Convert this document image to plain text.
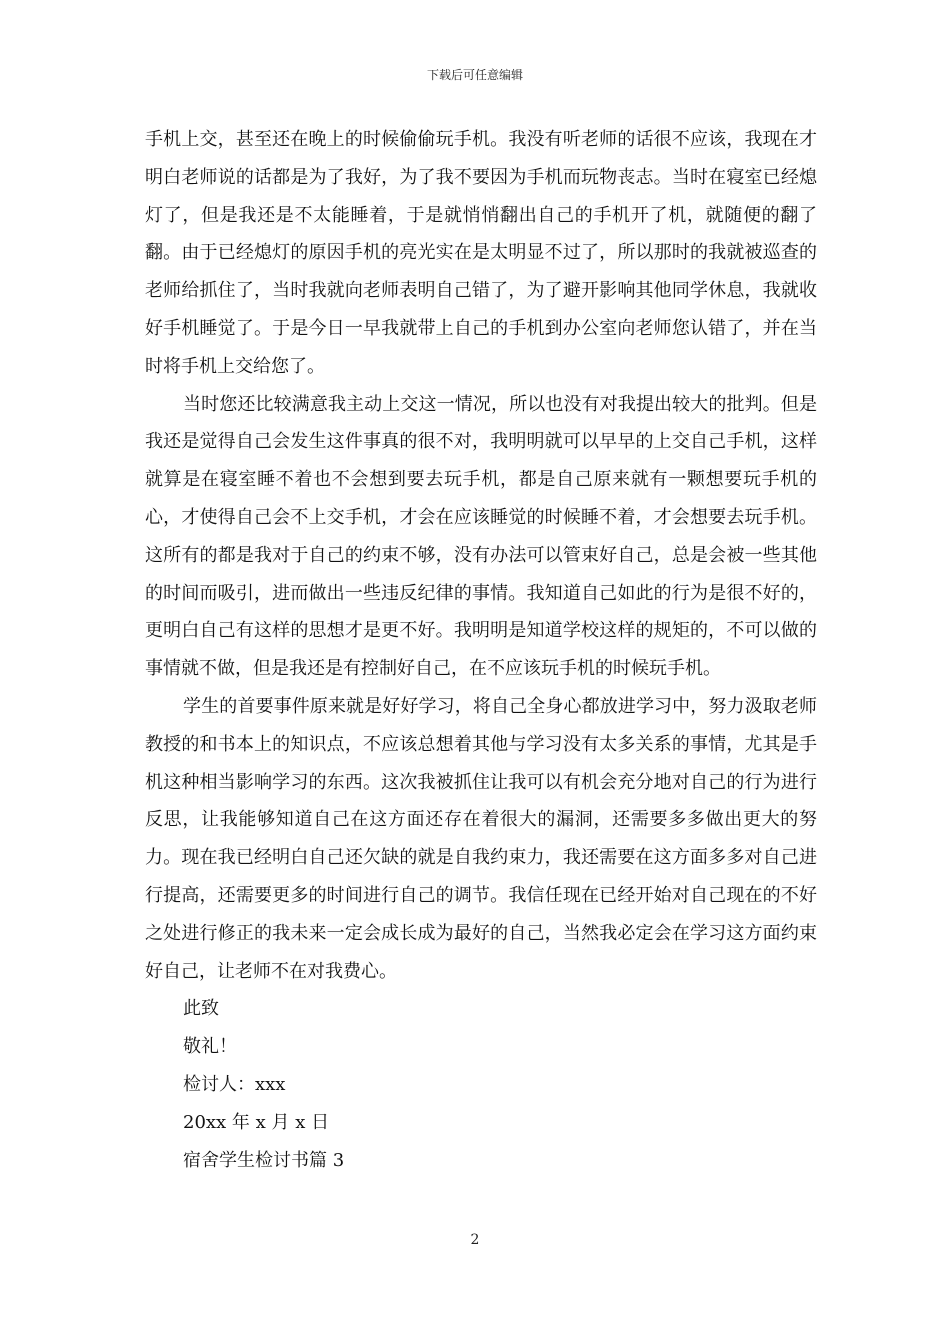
下载后可任意编辑

手机上交，甚至还在晚上的时候偷偷玩手机。我没有听老师的话很不应该，我现在才明白老师说的话都是为了我好，为了我不要因为手机而玩物丧志。当时在寝室已经熄灯了，但是我还是不太能睡着，于是就悄悄翻出自己的手机开了机，就随便的翻了翻。由于已经熄灯的原因手机的亮光实在是太明显不过了，所以那时的我就被巡查的老师给抓住了，当时我就向老师表明自己错了，为了避开影响其他同学休息，我就收好手机睡觉了。于是今日一早我就带上自己的手机到办公室向老师您认错了，并在当时将手机上交给您了。

当时您还比较满意我主动上交这一情况，所以也没有对我提出较大的批判。但是我还是觉得自己会发生这件事真的很不对，我明明就可以早早的上交自己手机，这样就算是在寝室睡不着也不会想到要去玩手机，都是自己原来就有一颗想要玩手机的心，才使得自己会不上交手机，才会在应该睡觉的时候睡不着，才会想要去玩手机。这所有的都是我对于自己的约束不够，没有办法可以管束好自己，总是会被一些其他的时间而吸引，进而做出一些违反纪律的事情。我知道自己如此的行为是很不好的，更明白自己有这样的思想才是更不好。我明明是知道学校这样的规矩的，不可以做的事情就不做，但是我还是有控制好自己，在不应该玩手机的时候玩手机。

学生的首要事件原来就是好好学习，将自己全身心都放进学习中，努力汲取老师教授的和书本上的知识点，不应该总想着其他与学习没有太多关系的事情，尤其是手机这种相当影响学习的东西。这次我被抓住让我可以有机会充分地对自己的行为进行反思，让我能够知道自己在这方面还存在着很大的漏洞，还需要多多做出更大的努力。现在我已经明白自己还欠缺的就是自我约束力，我还需要在这方面多多对自己进行提高，还需要更多的时间进行自己的调节。我信任现在已经开始对自己现在的不好之处进行修正的我未来一定会成长成为最好的自己，当然我必定会在学习这方面约束好自己，让老师不在对我费心。

此致

敬礼！

检讨人：xxx

20xx 年 x 月 x 日

宿舍学生检讨书篇 3

2
